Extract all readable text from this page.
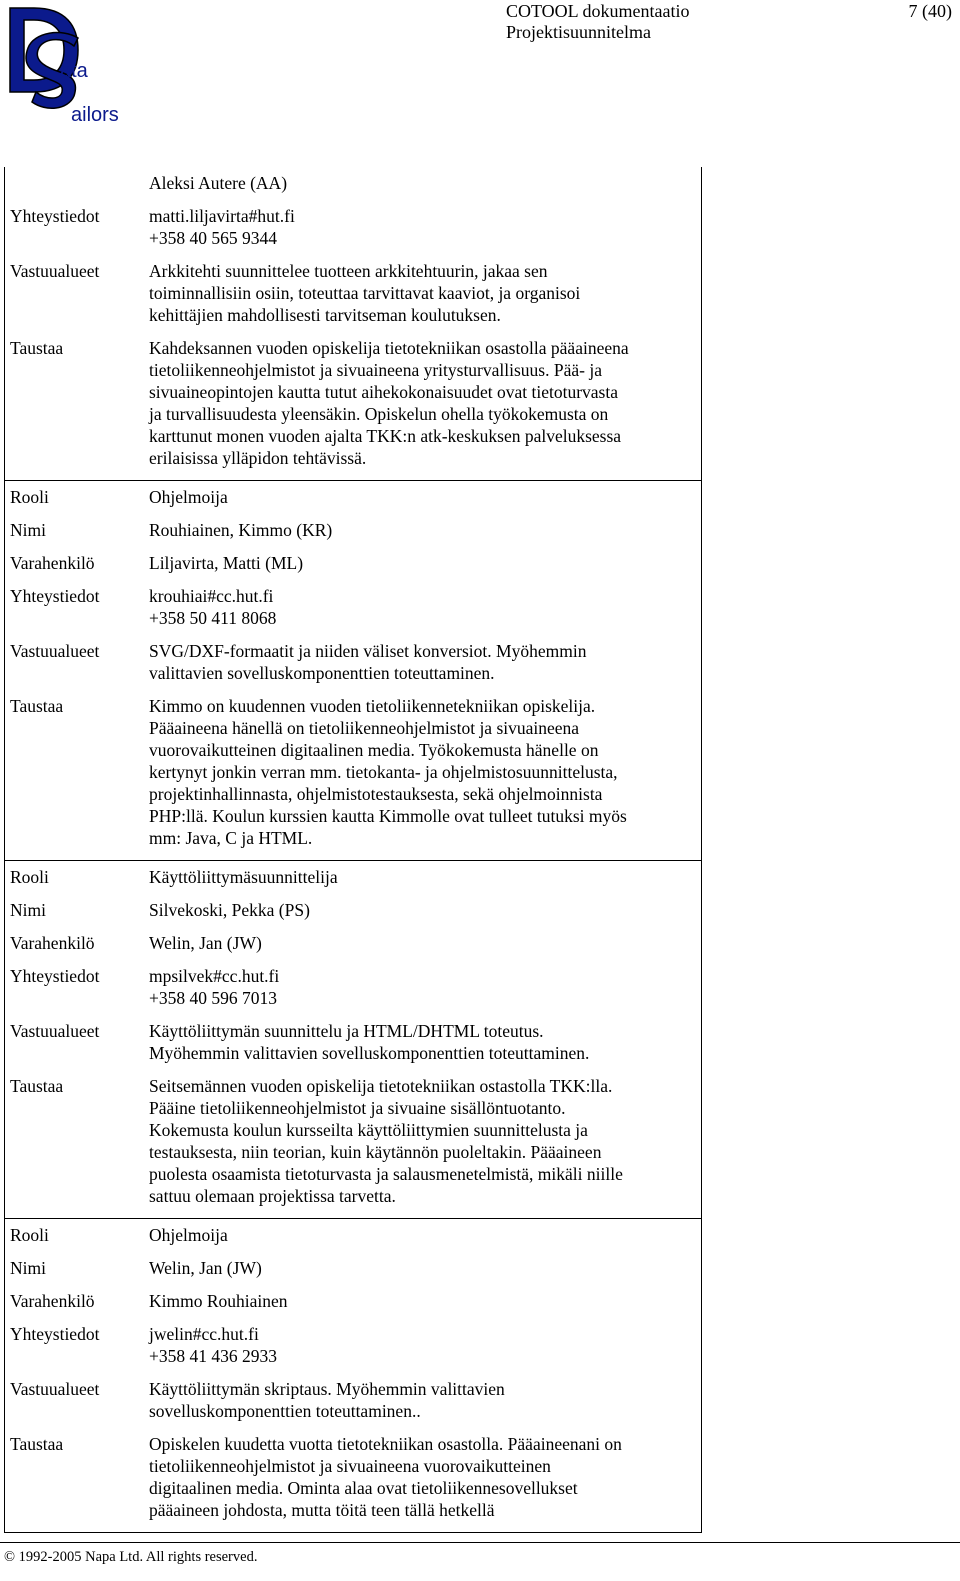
ata
ailors
COTOOL dokumentaatio
Projektisuunnitelma
7 (40)
Aleksi Autere (AA)
Yhteystiedot	matti.liljavirta#hut.fi
+358 40 565 9344
Vastuualueet	Arkkitehti suunnittelee tuotteen arkkitehtuurin, jakaa sen
toiminnallisiin osiin, toteuttaa tarvittavat kaaviot, ja organisoi
kehittäjien mahdollisesti tarvitseman koulutuksen.
Taustaa	Kahdeksannen vuoden opiskelija tietotekniikan osastolla pääaineena
tietoliikenneohjelmistot ja sivuaineena yritysturvallisuus. Pää- ja
sivuaineopintojen kautta tutut aihekokonaisuudet ovat tietoturvasta
ja turvallisuudesta yleensäkin. Opiskelun ohella työkokemusta on
karttunut monen vuoden ajalta TKK:n atk-keskuksen palveluksessa
erilaisissa ylläpidon tehtävissä.
Rooli	Ohjelmoija
Nimi	Rouhiainen, Kimmo (KR)
Varahenkilö	Liljavirta, Matti (ML)
Yhteystiedot	krouhiai#cc.hut.fi
+358 50 411 8068
Vastuualueet	SVG/DXF-formaatit ja niiden väliset konversiot. Myöhemmin
valittavien sovelluskomponenttien toteuttaminen.
Taustaa	Kimmo on kuudennen vuoden tietoliikennetekniikan opiskelija.
Pääaineena hänellä on tietoliikenneohjelmistot ja sivuaineena
vuorovaikutteinen digitaalinen media. Työkokemusta hänelle on
kertynyt jonkin verran mm. tietokanta- ja ohjelmistosuunnittelusta,
projektinhallinnasta, ohjelmistotestauksesta, sekä ohjelmoinnista
PHP:llä. Koulun kurssien kautta Kimmolle ovat tulleet tutuksi myös
mm: Java, C ja HTML.
Rooli	Käyttöliittymäsuunnittelija
Nimi	Silvekoski, Pekka (PS)
Varahenkilö	Welin, Jan (JW)
Yhteystiedot	mpsilvek#cc.hut.fi
+358 40 596 7013
Vastuualueet	Käyttöliittymän suunnittelu ja HTML/DHTML toteutus.
Myöhemmin valittavien sovelluskomponenttien toteuttaminen.
Taustaa	Seitsemännen vuoden opiskelija tietotekniikan ostastolla TKK:lla.
Pääine tietoliikenneohjelmistot ja sivuaine sisällöntuotanto.
Kokemusta koulun kursseilta käyttöliittymien suunnittelusta ja
testauksesta, niin teorian, kuin käytännön puoleltakin. Pääaineen
puolesta osaamista tietoturvasta ja salausmenetelmistä, mikäli niille
sattuu olemaan projektissa tarvetta.
Rooli	Ohjelmoija
Nimi	Welin, Jan (JW)
Varahenkilö	Kimmo Rouhiainen
Yhteystiedot	jwelin#cc.hut.fi
+358 41 436 2933
Vastuualueet	Käyttöliittymän skriptaus. Myöhemmin valittavien
sovelluskomponenttien toteuttaminen..
Taustaa	Opiskelen kuudetta vuotta tietotekniikan osastolla. Pääaineenani on
tietoliikenneohjelmistot ja sivuaineena vuorovaikutteinen
digitaalinen media. Ominta alaa ovat tietoliikennesovellukset
pääaineen johdosta, mutta töitä teen tällä hetkellä
© 1992-2005 Napa Ltd. All rights reserved.
